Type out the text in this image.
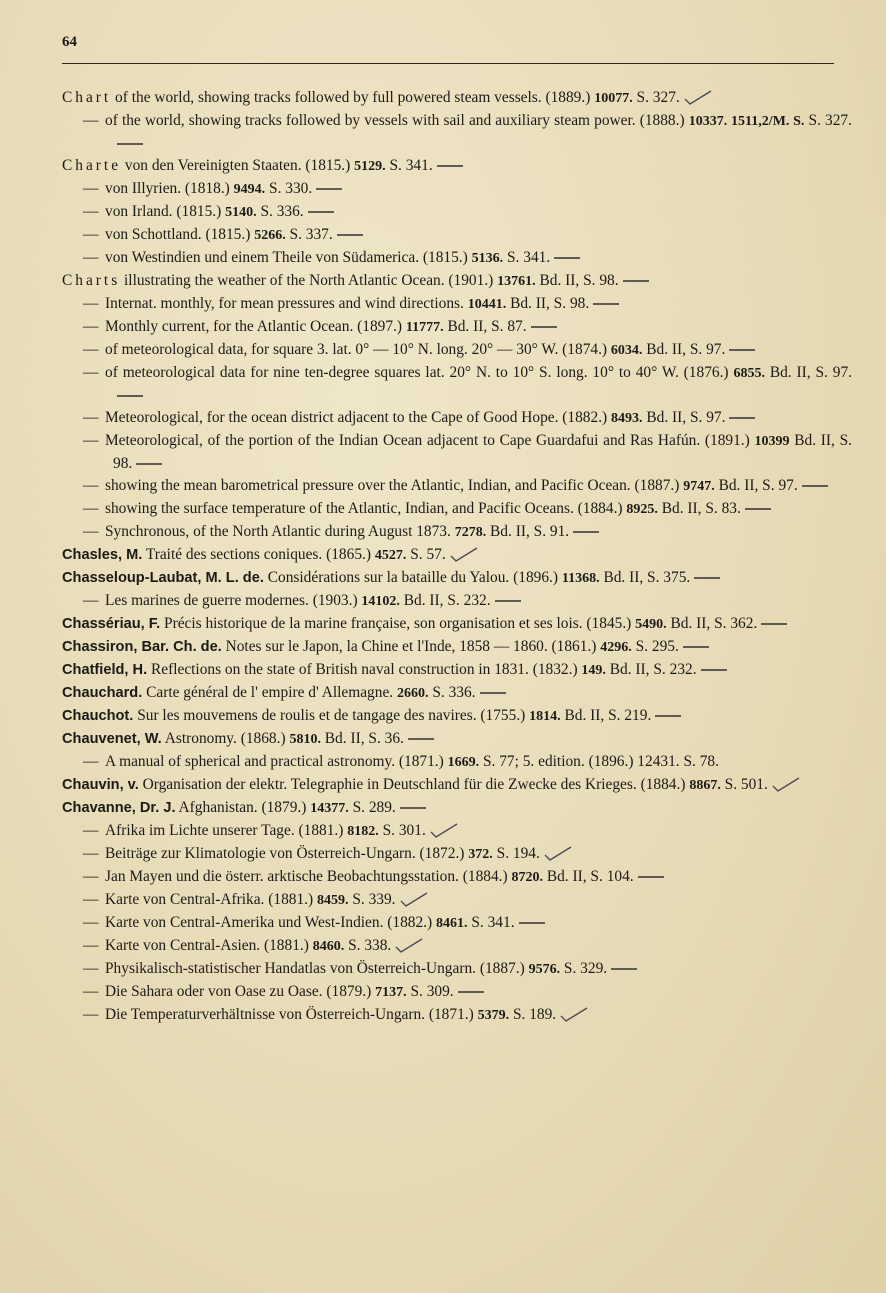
64
Chart of the world, showing tracks followed by full powered steam vessels. (1889.) 10077. S. 327.
— of the world, showing tracks followed by vessels with sail and auxiliary steam power. (1888.) 10337. 1511,2/M. S. S. 327.
Charte von den Vereinigten Staaten. (1815.) 5129. S. 341.
— von Illyrien. (1818.) 9494. S. 330.
— von Irland. (1815.) 5140. S. 336.
— von Schottland. (1815.) 5266. S. 337.
— von Westindien und einem Theile von Südamerica. (1815.) 5136. S. 341.
Charts illustrating the weather of the North Atlantic Ocean. (1901.) 13761. Bd. II, S. 98.
— Internat. monthly, for mean pressures and wind directions. 10441. Bd. II, S. 98.
— Monthly current, for the Atlantic Ocean. (1897.) 11777. Bd. II, S. 87.
— of meteorological data, for square 3. lat. 0° — 10° N. long. 20° — 30° W. (1874.) 6034. Bd. II, S. 97.
— of meteorological data for nine ten-degree squares lat. 20° N. to 10° S. long. 10° to 40° W. (1876.) 6855. Bd. II, S. 97.
— Meteorological, for the ocean district adjacent to the Cape of Good Hope. (1882.) 8493. Bd. II, S. 97.
— Meteorological, of the portion of the Indian Ocean adjacent to Cape Guardafui and Ras Hafún. (1891.) 10399 Bd. II, S. 98.
— showing the mean barometrical pressure over the Atlantic, Indian, and Pacific Ocean. (1887.) 9747. Bd. II, S. 97.
— showing the surface temperature of the Atlantic, Indian, and Pacific Oceans. (1884.) 8925. Bd. II, S. 83.
— Synchronous, of the North Atlantic during August 1873. 7278. Bd. II, S. 91.
Chasles, M. Traité des sections coniques. (1865.) 4527. S. 57.
Chasseloup-Laubat, M. L. de. Considérations sur la bataille du Yalou. (1896.) 11368. Bd. II, S. 375.
— Les marines de guerre modernes. (1903.) 14102. Bd. II, S. 232.
Chassériau, F. Précis historique de la marine française, son organisation et ses lois. (1845.) 5490. Bd. II, S. 362.
Chassiron, Bar. Ch. de. Notes sur le Japon, la Chine et l'Inde, 1858 — 1860. (1861.) 4296. S. 295.
Chatfield, H. Reflections on the state of British naval construction in 1831. (1832.) 149. Bd. II, S. 232.
Chauchard. Carte général de l' empire d' Allemagne. 2660. S. 336.
Chauchot. Sur les mouvemens de roulis et de tangage des navires. (1755.) 1814. Bd. II, S. 219.
Chauvenet, W. Astronomy. (1868.) 5810. Bd. II, S. 36.
— A manual of spherical and practical astronomy. (1871.) 1669. S. 77; 5. edition. (1896.) 12431. S. 78.
Chauvin, v. Organisation der elektr. Telegraphie in Deutschland für die Zwecke des Krieges. (1884.) 8867. S. 501.
Chavanne, Dr. J. Afghanistan. (1879.) 14377. S. 289.
— Afrika im Lichte unserer Tage. (1881.) 8182. S. 301.
— Beiträge zur Klimatologie von Österreich-Ungarn. (1872.) 372. S. 194.
— Jan Mayen und die österr. arktische Beobachtungsstation. (1884.) 8720. Bd. II, S. 104.
— Karte von Central-Afrika. (1881.) 8459. S. 339.
— Karte von Central-Amerika und West-Indien. (1882.) 8461. S. 341.
— Karte von Central-Asien. (1881.) 8460. S. 338.
— Physikalisch-statistischer Handatlas von Österreich-Ungarn. (1887.) 9576. S. 329.
— Die Sahara oder von Oase zu Oase. (1879.) 7137. S. 309.
— Die Temperaturverhältnisse von Österreich-Ungarn. (1871.) 5379. S. 189.
